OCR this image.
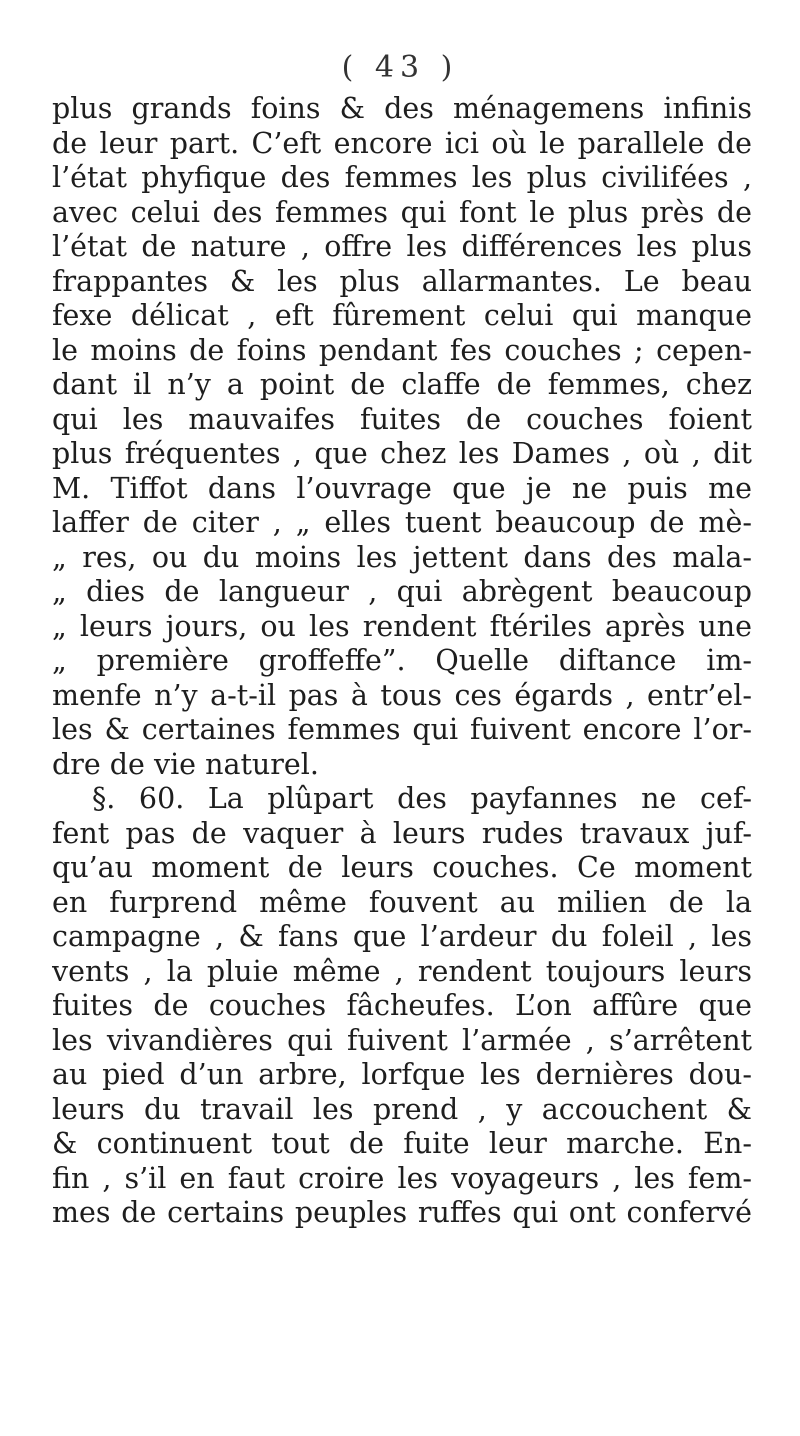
( 43 )
plus grands foins & des ménagemens infinis
de leur part. C’eft encore ici où le parallele de
l’état phyfique des femmes les plus civilifées ,
avec celui des femmes qui font le plus près de
l’état de nature , offre les différences les plus
frappantes & les plus allarmantes. Le beau
fexe délicat , eft fûrement celui qui manque
le moins de foins pendant fes couches ; cepen-
dant il n’y a point de claffe de femmes, chez
qui les mauvaifes fuites de couches foient
plus fréquentes , que chez les Dames , où , dit
M. Tiffot dans l’ouvrage que je ne puis me
laffer de citer , „ elles tuent beaucoup de mè-
„ res, ou du moins les jettent dans des mala-
„ dies de langueur , qui abrègent beaucoup
„ leurs jours, ou les rendent ftériles après une
„ première groffeffe”. Quelle diftance im-
menfe n’y a-t-il pas à tous ces égards , entr’el-
les & certaines femmes qui fuivent encore l’or-
dre de vie naturel.
§. 60. La plûpart des payfannes ne cef-
fent pas de vaquer à leurs rudes travaux juf-
qu’au moment de leurs couches. Ce moment
en furprend même fouvent au milien de la
campagne , & fans que l’ardeur du foleil , les
vents , la pluie même , rendent toujours leurs
fuites de couches fâcheufes. L’on affûre que
les vivandières qui fuivent l’armée , s’arrêtent
au pied d’un arbre, lorfque les dernières dou-
leurs du travail les prend , y accouchent &
& continuent tout de fuite leur marche. En-
fin , s’il en faut croire les voyageurs , les fem-
mes de certains peuples ruffes qui ont confervé
